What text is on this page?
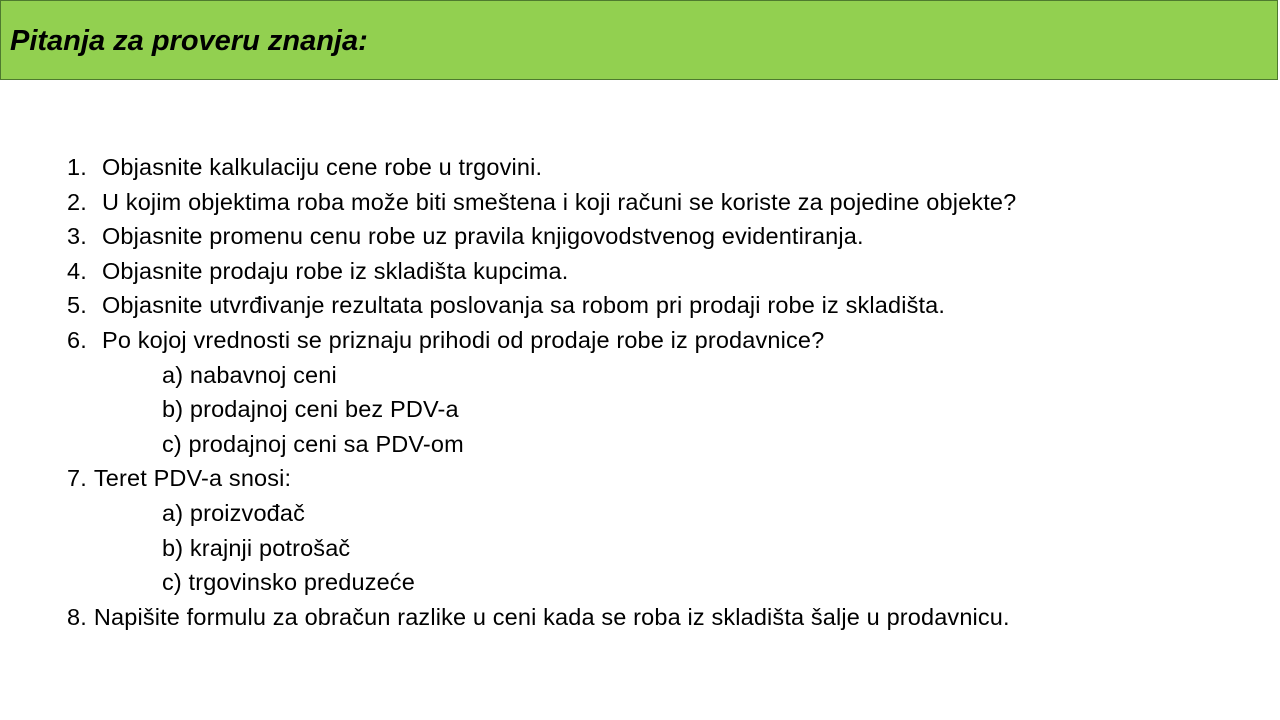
Pitanja za proveru znanja:
1. Objasnite kalkulaciju cene robe u trgovini.
2. U kojim objektima roba može biti smeštena i koji računi se koriste za pojedine objekte?
3. Objasnite promenu cenu robe uz pravila knjigovodstvenog evidentiranja.
4. Objasnite prodaju robe iz skladišta kupcima.
5. Objasnite utvrđivanje rezultata poslovanja sa robom pri prodaji robe iz skladišta.
6. Po kojoj vrednosti se priznaju prihodi od prodaje robe iz prodavnice?
a) nabavnoj ceni
b) prodajnoj ceni bez PDV-a
c) prodajnoj ceni sa PDV-om
7. Teret PDV-a snosi:
a) proizvođač
b) krajnji potrošač
c) trgovinsko preduzeće
8. Napišite formulu za obračun razlike u ceni kada se roba iz skladišta šalje u prodavnicu.
